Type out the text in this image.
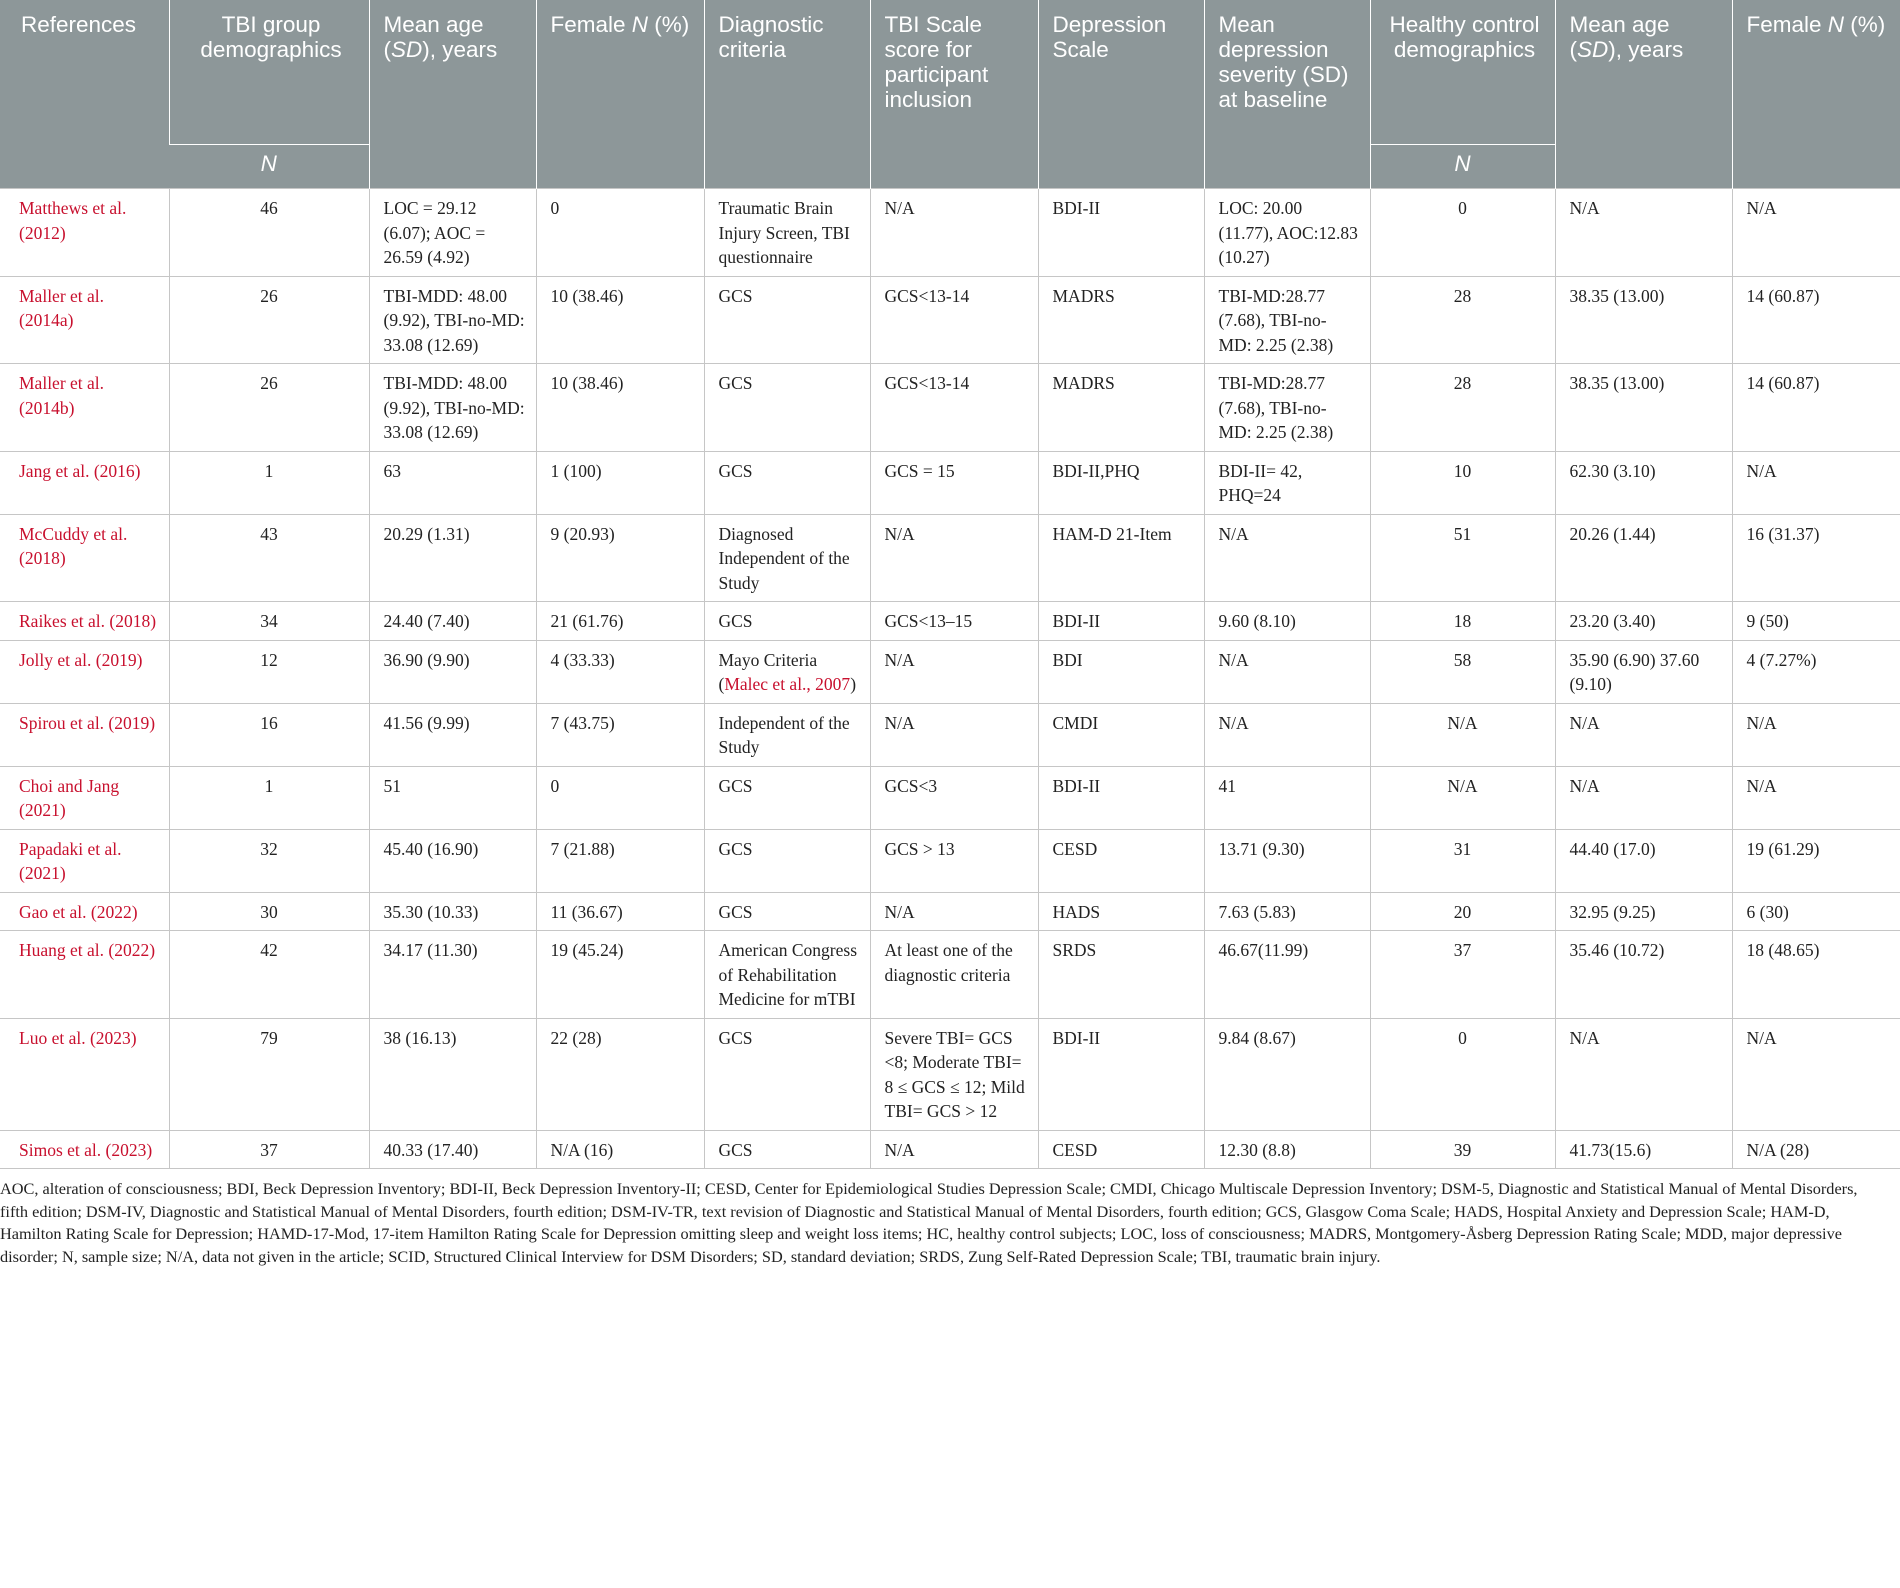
References	TBI group demographics	Mean age (SD), years	Female N (%)	Diagnostic criteria	TBI Scale score for participant inclusion	Depression Scale	Mean depression severity (SD) at baseline	Healthy control demographics	Mean age (SD), years	Female N (%)
	N							N		
Matthews et al. (2012)	46	LOC = 29.12 (6.07); AOC = 26.59 (4.92)	0	Traumatic Brain Injury Screen, TBI questionnaire	N/A	BDI-II	LOC: 20.00 (11.77), AOC:12.83 (10.27)	0	N/A	N/A
Maller et al. (2014a)	26	TBI-MDD: 48.00 (9.92), TBI-no-MD: 33.08 (12.69)	10 (38.46)	GCS	GCS<13-14	MADRS	TBI-MD:28.77 (7.68), TBI-no-MD: 2.25 (2.38)	28	38.35 (13.00)	14 (60.87)
Maller et al. (2014b)	26	TBI-MDD: 48.00 (9.92), TBI-no-MD: 33.08 (12.69)	10 (38.46)	GCS	GCS<13-14	MADRS	TBI-MD:28.77 (7.68), TBI-no-MD: 2.25 (2.38)	28	38.35 (13.00)	14 (60.87)
Jang et al. (2016)	1	63	1 (100)	GCS	GCS = 15	BDI-II,PHQ	BDI-II= 42, PHQ=24	10	62.30 (3.10)	N/A
McCuddy et al. (2018)	43	20.29 (1.31)	9 (20.93)	Diagnosed Independent of the Study	N/A	HAM-D 21-Item	N/A	51	20.26 (1.44)	16 (31.37)
Raikes et al. (2018)	34	24.40 (7.40)	21 (61.76)	GCS	GCS<13–15	BDI-II	9.60 (8.10)	18	23.20 (3.40)	9 (50)
Jolly et al. (2019)	12	36.90 (9.90)	4 (33.33)	Mayo Criteria (Malec et al., 2007)	N/A	BDI	N/A	58	35.90 (6.90) 37.60 (9.10)	4 (7.27%)
Spirou et al. (2019)	16	41.56 (9.99)	7 (43.75)	Independent of the Study	N/A	CMDI	N/A	N/A	N/A	N/A
Choi and Jang (2021)	1	51	0	GCS	GCS<3	BDI-II	41	N/A	N/A	N/A
Papadaki et al. (2021)	32	45.40 (16.90)	7 (21.88)	GCS	GCS > 13	CESD	13.71 (9.30)	31	44.40 (17.0)	19 (61.29)
Gao et al. (2022)	30	35.30 (10.33)	11 (36.67)	GCS	N/A	HADS	7.63 (5.83)	20	32.95 (9.25)	6 (30)
Huang et al. (2022)	42	34.17 (11.30)	19 (45.24)	American Congress of Rehabilitation Medicine for mTBI	At least one of the diagnostic criteria	SRDS	46.67(11.99)	37	35.46 (10.72)	18 (48.65)
Luo et al. (2023)	79	38 (16.13)	22 (28)	GCS	Severe TBI= GCS <8; Moderate TBI= 8 ≤ GCS ≤ 12; Mild TBI= GCS > 12	BDI-II	9.84 (8.67)	0	N/A	N/A
Simos et al. (2023)	37	40.33 (17.40)	N/A (16)	GCS	N/A	CESD	12.30 (8.8)	39	41.73(15.6)	N/A (28)
AOC, alteration of consciousness; BDI, Beck Depression Inventory; BDI-II, Beck Depression Inventory-II; CESD, Center for Epidemiological Studies Depression Scale; CMDI, Chicago Multiscale Depression Inventory; DSM-5, Diagnostic and Statistical Manual of Mental Disorders, fifth edition; DSM-IV, Diagnostic and Statistical Manual of Mental Disorders, fourth edition; DSM-IV-TR, text revision of Diagnostic and Statistical Manual of Mental Disorders, fourth edition; GCS, Glasgow Coma Scale; HADS, Hospital Anxiety and Depression Scale; HAM-D, Hamilton Rating Scale for Depression; HAMD-17-Mod, 17-item Hamilton Rating Scale for Depression omitting sleep and weight loss items; HC, healthy control subjects; LOC, loss of consciousness; MADRS, Montgomery-Åsberg Depression Rating Scale; MDD, major depressive disorder; N, sample size; N/A, data not given in the article; SCID, Structured Clinical Interview for DSM Disorders; SD, standard deviation; SRDS, Zung Self-Rated Depression Scale; TBI, traumatic brain injury.
